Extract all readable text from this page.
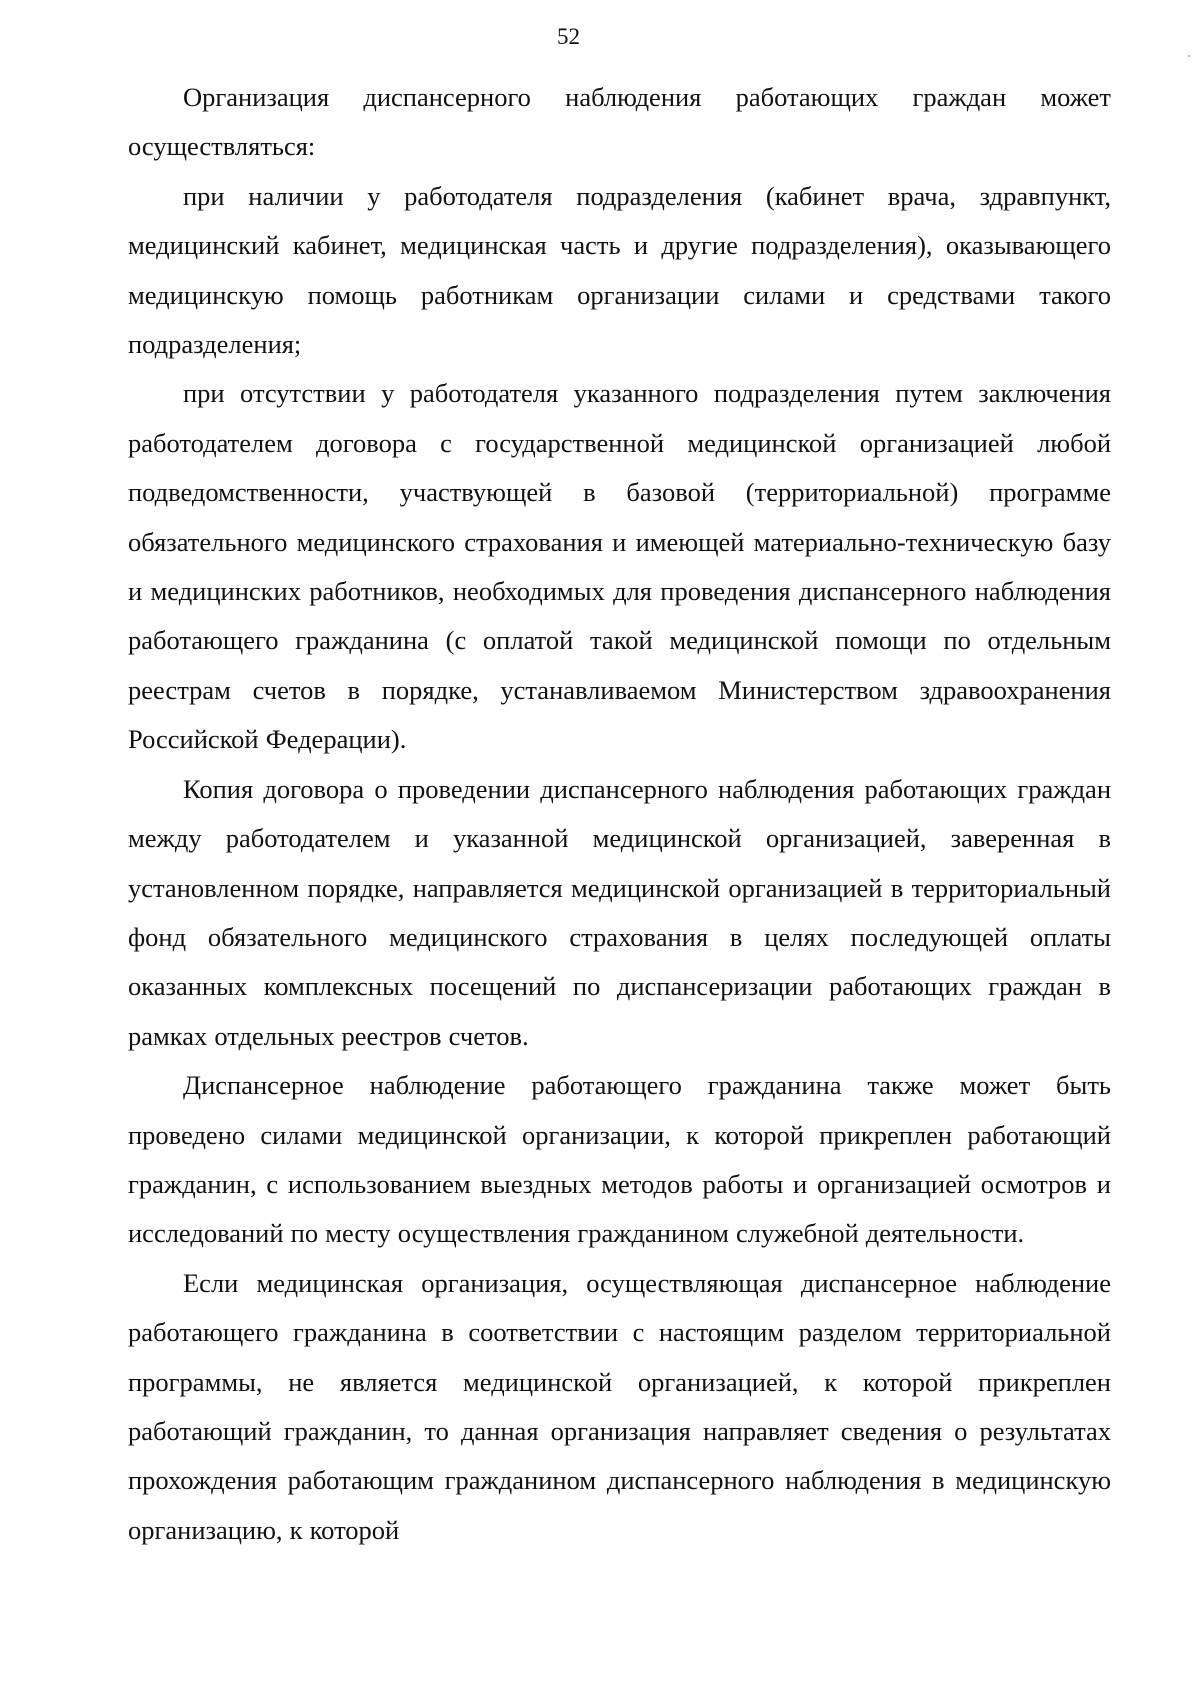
52

Организация диспансерного наблюдения работающих граждан может осуществляться:

при наличии у работодателя подразделения (кабинет врача, здравпункт, медицинский кабинет, медицинская часть и другие подразделения), оказывающего медицинскую помощь работникам организации силами и средствами такого подразделения;

при отсутствии у работодателя указанного подразделения путем заключения работодателем договора с государственной медицинской организацией любой подведомственности, участвующей в базовой (территориальной) программе обязательного медицинского страхования и имеющей материально-техническую базу и медицинских работников, необходимых для проведения диспансерного наблюдения работающего гражданина (с оплатой такой медицинской помощи по отдельным реестрам счетов в порядке, устанавливаемом Министерством здравоохранения Российской Федерации).

Копия договора о проведении диспансерного наблюдения работающих граждан между работодателем и указанной медицинской организацией, заверенная в установленном порядке, направляется медицинской организацией в территориальный фонд обязательного медицинского страхования в целях последующей оплаты оказанных комплексных посещений по диспансеризации работающих граждан в рамках отдельных реестров счетов.

Диспансерное наблюдение работающего гражданина также может быть проведено силами медицинской организации, к которой прикреплен работающий гражданин, с использованием выездных методов работы и организацией осмотров и исследований по месту осуществления гражданином служебной деятельности.

Если медицинская организация, осуществляющая диспансерное наблюдение работающего гражданина в соответствии с настоящим разделом территориальной программы, не является медицинской организацией, к которой прикреплен работающий гражданин, то данная организация направляет сведения о результатах прохождения работающим гражданином диспансерного наблюдения в медицинскую организацию, к которой
